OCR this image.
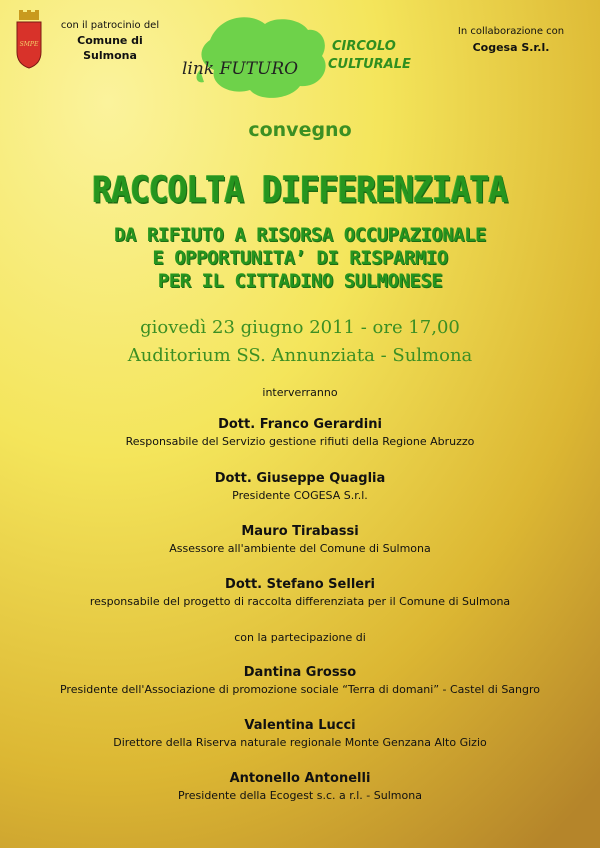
SMPE
con il patrocinio del
Comune di
Sulmona
link FUTURO
CIRCOLO
CULTURALE
In collaborazione con
Cogesa S.r.l.
convegno
RACCOLTA DIFFERENZIATA
DA RIFIUTO A RISORSA OCCUPAZIONALE
E OPPORTUNITA’ DI RISPARMIO
PER IL CITTADINO SULMONESE
giovedì 23 giugno 2011 - ore 17,00
Auditorium SS. Annunziata - Sulmona
interverranno
Dott. Franco Gerardini
Responsabile del Servizio gestione rifiuti della Regione Abruzzo
Dott. Giuseppe Quaglia
Presidente COGESA S.r.l.
Mauro Tirabassi
Assessore all'ambiente del Comune di Sulmona
Dott. Stefano Selleri
responsabile del progetto di raccolta differenziata per il Comune di Sulmona
con la partecipazione di
Dantina Grosso
Presidente dell'Associazione di promozione sociale “Terra di domani” - Castel di Sangro
Valentina Lucci
Direttore della Riserva naturale regionale Monte Genzana Alto Gizio
Antonello Antonelli
Presidente della Ecogest s.c. a r.l. - Sulmona
